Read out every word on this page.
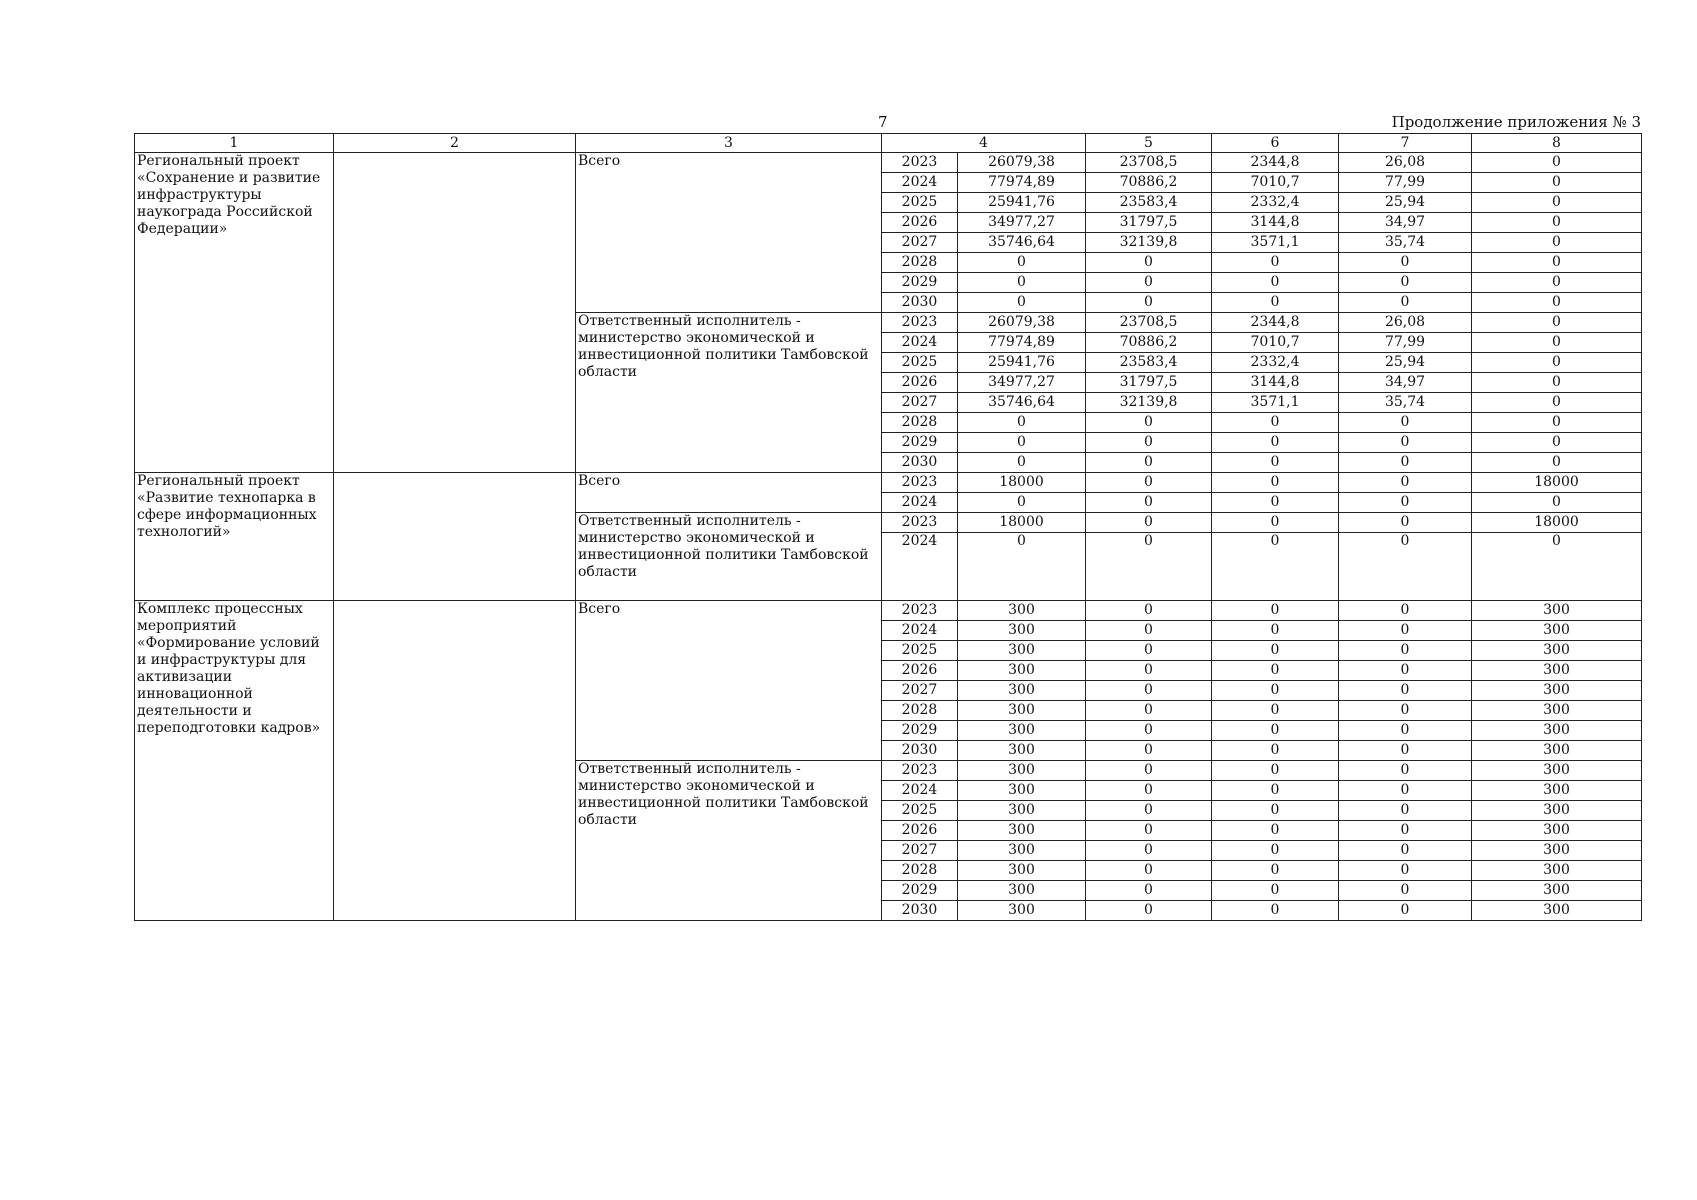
7	Продолжение приложения № 3
1	2	3	4		5	6	7	8
Региональный проект «Сохранение и развитие инфраструктуры наукограда Российской Федерации»		Всего	2023	26079,38	23708,5	2344,8	26,08	0
			2024	77974,89	70886,2	7010,7	77,99	0
			2025	25941,76	23583,4	2332,4	25,94	0
			2026	34977,27	31797,5	3144,8	34,97	0
			2027	35746,64	32139,8	3571,1	35,74	0
			2028	0	0	0	0	0
			2029	0	0	0	0	0
			2030	0	0	0	0	0
		Ответственный исполнитель - министерство экономической и инвестиционной политики Тамбовской области	2023	26079,38	23708,5	2344,8	26,08	0
			2024	77974,89	70886,2	7010,7	77,99	0
			2025	25941,76	23583,4	2332,4	25,94	0
			2026	34977,27	31797,5	3144,8	34,97	0
			2027	35746,64	32139,8	3571,1	35,74	0
			2028	0	0	0	0	0
			2029	0	0	0	0	0
			2030	0	0	0	0	0
Региональный проект «Развитие технопарка в сфере информационных технологий»		Всего	2023	18000	0	0	0	18000
			2024	0	0	0	0	0
		Ответственный исполнитель - министерство экономической и инвестиционной политики Тамбовской области	2023	18000	0	0	0	18000
			2024	0	0	0	0	0
Комплекс процессных мероприятий «Формирование условий и инфраструктуры для активизации инновационной деятельности и переподготовки кадров»		Всего	2023	300	0	0	0	300
			2024	300	0	0	0	300
			2025	300	0	0	0	300
			2026	300	0	0	0	300
			2027	300	0	0	0	300
			2028	300	0	0	0	300
			2029	300	0	0	0	300
			2030	300	0	0	0	300
		Ответственный исполнитель - министерство экономической и инвестиционной политики Тамбовской области	2023	300	0	0	0	300
			2024	300	0	0	0	300
			2025	300	0	0	0	300
			2026	300	0	0	0	300
			2027	300	0	0	0	300
			2028	300	0	0	0	300
			2029	300	0	0	0	300
			2030	300	0	0	0	300
